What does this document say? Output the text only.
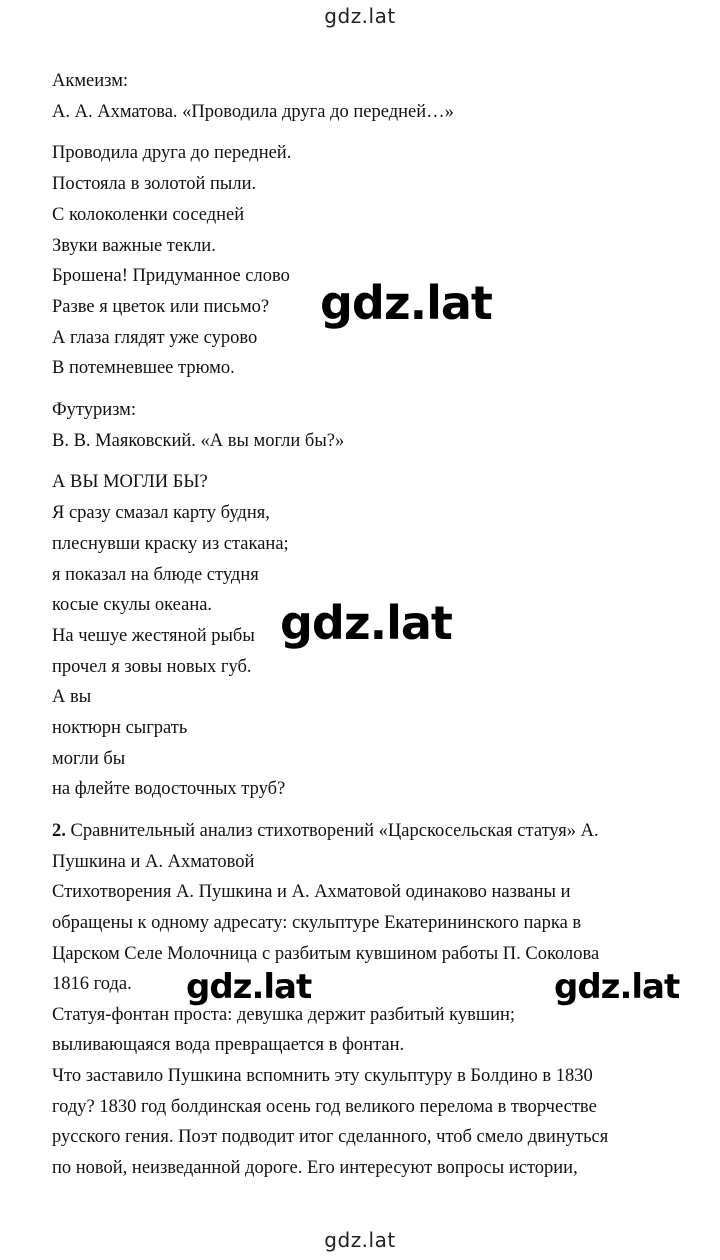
gdz.lat
Акмеизм:
А. А. Ахматова. «Проводила друга до передней…»
Проводила друга до передней.
Постояла в золотой пыли.
С колоколенки соседней
Звуки важные текли.
Брошена! Придуманное слово
Разве я цветок или письмо?
А глаза глядят уже сурово
В потемневшее трюмо.
Футуризм:
В. В. Маяковский. «А вы могли бы?»
А ВЫ МОГЛИ БЫ?
Я сразу смазал карту будня,
плеснувши краску из стакана;
я показал на блюде студня
косые скулы океана.
На чешуе жестяной рыбы
прочел я зовы новых губ.
А вы
ноктюрн сыграть
могли бы
на флейте водосточных труб?
2. Сравнительный анализ стихотворений «Царскосельская статуя» А.
Пушкина и А. Ахматовой
Стихотворения А. Пушкина и А. Ахматовой одинаково названы и
обращены к одному адресату: скульптуре Екатерининского парка в
Царском Селе Молочница с разбитым кувшином работы П. Соколова
1816 года.
Статуя-фонтан проста: девушка держит разбитый кувшин;
выливающаяся вода превращается в фонтан.
Что заставило Пушкина вспомнить эту скульптуру в Болдино в 1830
году? 1830 год болдинская осень год великого перелома в творчестве
русского гения. Поэт подводит итог сделанного, чтоб смело двинуться
по новой, неизведанной дороге. Его интересуют вопросы истории,
gdz.lat
gdz.lat
gdz.lat	gdz.lat
gdz.lat
